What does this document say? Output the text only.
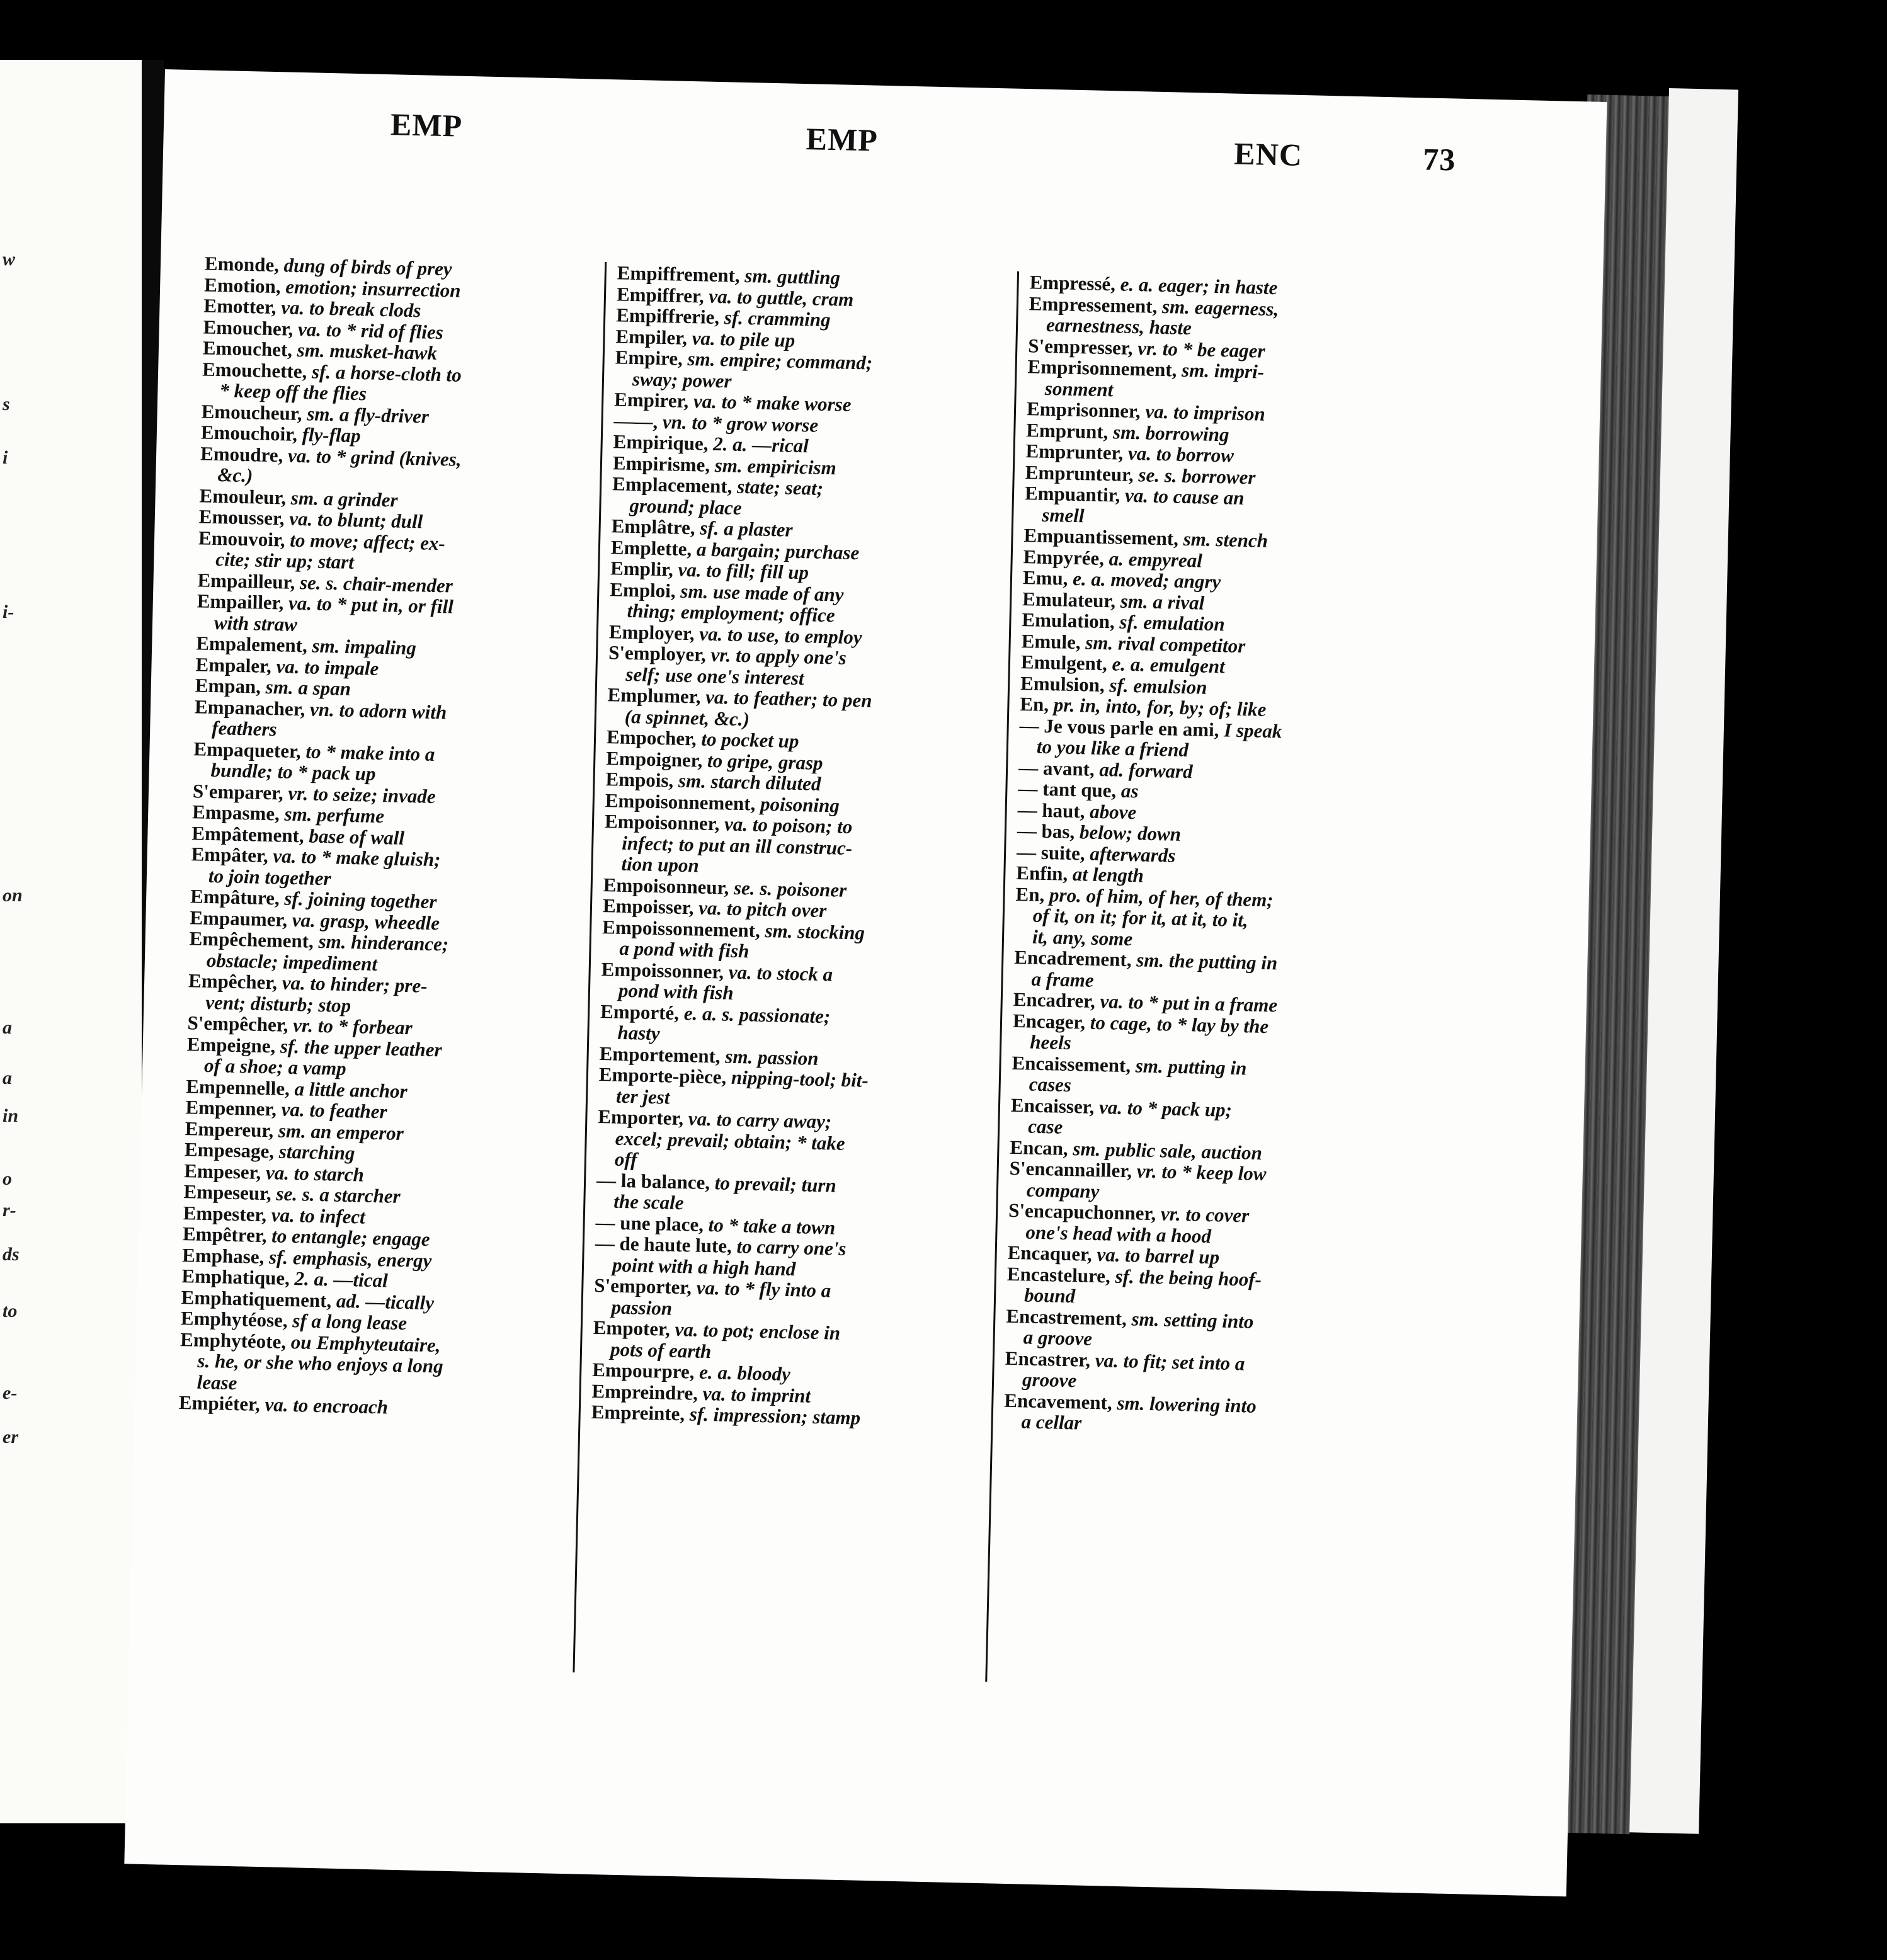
w
s
i
i-
on
a
a
in
o
r-
ds
to
e-
er
EMP	EMP	ENC	73

Emonde, dung of birds of prey

Emotion, emotion; insurrection

Emotter, va. to break clods

Emoucher, va. to * rid of flies

Emouchet, sm. musket-hawk

Emouchette, sf. a horse-cloth to

* keep off the flies

Emoucheur, sm. a fly-driver

Emouchoir, fly-flap

Emoudre, va. to * grind (knives,

&c.)

Emouleur, sm. a grinder

Emousser, va. to blunt; dull

Emouvoir, to move; affect; ex-

cite; stir up; start

Empailleur, se. s. chair-mender

Empailler, va. to * put in, or fill

with straw

Empalement, sm. impaling

Empaler, va. to impale

Empan, sm. a span

Empanacher, vn. to adorn with

feathers

Empaqueter, to * make into a

bundle; to * pack up

S'emparer, vr. to seize; invade

Empasme, sm. perfume

Empâtement, base of wall

Empâter, va. to * make gluish;

to join together

Empâture, sf. joining together

Empaumer, va. grasp, wheedle

Empêchement, sm. hinderance;

obstacle; impediment

Empêcher, va. to hinder; pre-

vent; disturb; stop

S'empêcher, vr. to * forbear

Empeigne, sf. the upper leather

of a shoe; a vamp

Empennelle, a little anchor

Empenner, va. to feather

Empereur, sm. an emperor

Empesage, starching

Empeser, va. to starch

Empeseur, se. s. a starcher

Empester, va. to infect

Empêtrer, to entangle; engage

Emphase, sf. emphasis, energy

Emphatique, 2. a. —tical

Emphatiquement, ad. —tically

Emphytéose, sf a long lease

Emphytéote, ou Emphyteutaire,

s. he, or she who enjoys a long

lease

Empiéter, va. to encroach

Empiffrement, sm. guttling

Empiffrer, va. to guttle, cram

Empiffrerie, sf. cramming

Empiler, va. to pile up

Empire, sm. empire; command;

sway; power

Empirer, va. to * make worse

——, vn. to * grow worse

Empirique, 2. a. —rical

Empirisme, sm. empiricism

Emplacement, state; seat;

ground; place

Emplâtre, sf. a plaster

Emplette, a bargain; purchase

Emplir, va. to fill; fill up

Emploi, sm. use made of any

thing; employment; office

Employer, va. to use, to employ

S'employer, vr. to apply one's

self; use one's interest

Emplumer, va. to feather; to pen

(a spinnet, &c.)

Empocher, to pocket up

Empoigner, to gripe, grasp

Empois, sm. starch diluted

Empoisonnement, poisoning

Empoisonner, va. to poison; to

infect; to put an ill construc-

tion upon

Empoisonneur, se. s. poisoner

Empoisser, va. to pitch over

Empoissonnement, sm. stocking

a pond with fish

Empoissonner, va. to stock a

pond with fish

Emporté, e. a. s. passionate;

hasty

Emportement, sm. passion

Emporte-pièce, nipping-tool; bit-

ter jest

Emporter, va. to carry away;

excel; prevail; obtain; * take

off

— la balance, to prevail; turn

the scale

— une place, to * take a town

— de haute lute, to carry one's

point with a high hand

S'emporter, va. to * fly into a

passion

Empoter, va. to pot; enclose in

pots of earth

Empourpre, e. a. bloody

Empreindre, va. to imprint

Empreinte, sf. impression; stamp

Empressé, e. a. eager; in haste

Empressement, sm. eagerness,

earnestness, haste

S'empresser, vr. to * be eager

Emprisonnement, sm. impri-

sonment

Emprisonner, va. to imprison

Emprunt, sm. borrowing

Emprunter, va. to borrow

Emprunteur, se. s. borrower

Empuantir, va. to cause an

smell

Empuantissement, sm. stench

Empyrée, a. empyreal

Emu, e. a. moved; angry

Emulateur, sm. a rival

Emulation, sf. emulation

Emule, sm. rival competitor

Emulgent, e. a. emulgent

Emulsion, sf. emulsion

En, pr. in, into, for, by; of; like

— Je vous parle en ami, I speak

to you like a friend

— avant, ad. forward

— tant que, as

— haut, above

— bas, below; down

— suite, afterwards

Enfin, at length

En, pro. of him, of her, of them;

of it, on it; for it, at it, to it,

it, any, some

Encadrement, sm. the putting in

a frame

Encadrer, va. to * put in a frame

Encager, to cage, to * lay by the

heels

Encaissement, sm. putting in

cases

Encaisser, va. to * pack up;

case

Encan, sm. public sale, auction

S'encannailler, vr. to * keep low

company

S'encapuchonner, vr. to cover

one's head with a hood

Encaquer, va. to barrel up

Encastelure, sf. the being hoof-

bound

Encastrement, sm. setting into

a groove

Encastrer, va. to fit; set into a

groove

Encavement, sm. lowering into

a cellar
